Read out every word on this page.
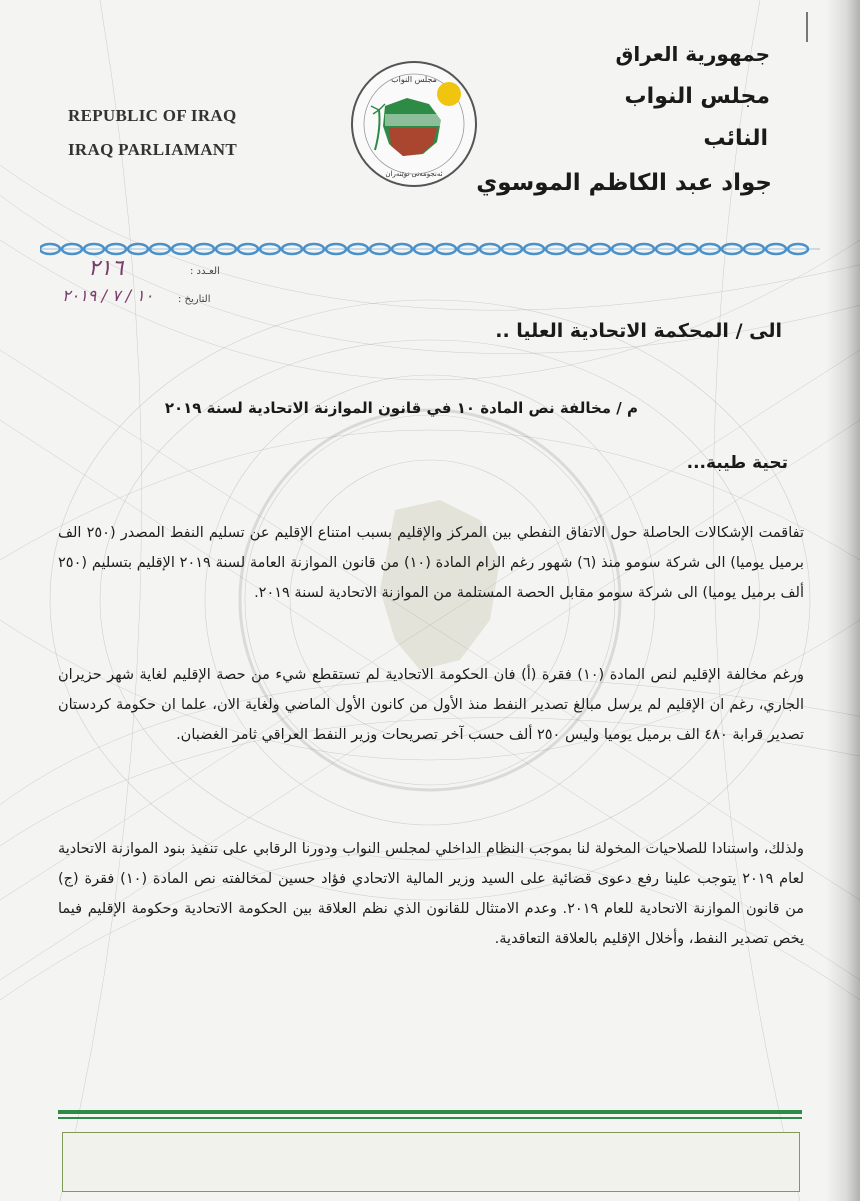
REPUBLIC OF IRAQ
IRAQ PARLIAMANT
مجلس النواب
ئەنجومەنی نوێنەران
جمهورية العراق
مجلس النواب
النائب
جواد عبد الكاظم الموسوي
العـدد :
٢١٦
التاريخ :
١٠ / ٧ / ٢٠١٩
الى / المحكمة الاتحادية العليا ..
م / مخالفة نص المادة ١٠ في قانون الموازنة الاتحادية لسنة ٢٠١٩
تحية طيبة...
تفاقمت الإشكالات الحاصلة حول الاتفاق النفطي بين المركز والإقليم بسبب امتناع الإقليم عن تسليم النفط المصدر (٢٥٠ الف برميل يوميا) الى شركة سومو منذ (٦) شهور رغم الزام المادة (١٠) من قانون الموازنة العامة لسنة ٢٠١٩ الإقليم بتسليم (٢٥٠ ألف برميل يوميا) الى شركة سومو مقابل الحصة المستلمة من الموازنة الاتحادية لسنة ٢٠١٩.
ورغم مخالفة الإقليم لنص المادة (١٠) فقرة (أ) فان الحكومة الاتحادية لم تستقطع شيء من حصة الإقليم لغاية شهر حزيران الجاري، رغم ان الإقليم لم يرسل مبالغ تصدير النفط منذ الأول من كانون الأول الماضي ولغاية الان، علما ان حكومة كردستان تصدير قرابة ٤٨٠ الف برميل يوميا وليس ٢٥٠ ألف حسب آخر تصريحات وزير النفط العراقي ثامر الغضبان.
ولذلك، واستنادا للصلاحيات المخولة لنا بموجب النظام الداخلي لمجلس النواب ودورنا الرقابي على تنفيذ بنود الموازنة الاتحادية لعام ٢٠١٩ يتوجب علينا رفع دعوى قضائية على السيد وزير المالية الاتحادي فؤاد حسين لمخالفته نص المادة (١٠) فقرة (ج) من قانون الموازنة الاتحادية للعام ٢٠١٩. وعدم الامتثال للقانون الذي نظم العلاقة بين الحكومة الاتحادية وحكومة الإقليم فيما يخص تصدير النفط، وأخلال الإقليم بالعلاقة التعاقدية.
